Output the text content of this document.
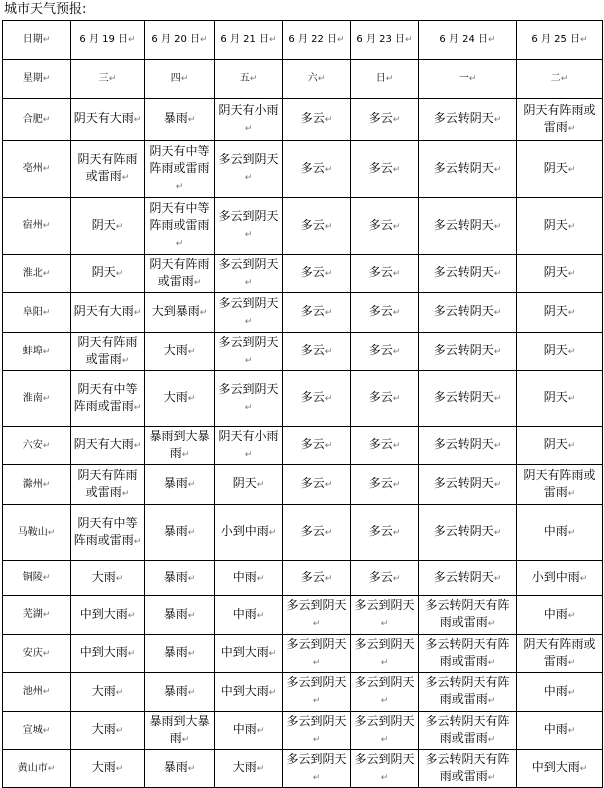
城市天气预报:
日期↵	6 月 19 日↵	6 月 20 日↵	6 月 21 日↵	6 月 22 日↵	6 月 23 日↵	6 月 24 日↵	6 月 25 日↵
星期↵	三↵	四↵	五↵	六↵	日↵	一↵	二↵
合肥↵	阴天有大雨↵	暴雨↵	阴天有小雨↵	多云↵	多云↵	多云转阴天↵	阴天有阵雨或雷雨↵
亳州↵	阴天有阵雨或雷雨↵	阴天有中等阵雨或雷雨↵	多云到阴天↵	多云↵	多云↵	多云转阴天↵	阴天↵
宿州↵	阴天↵	阴天有中等阵雨或雷雨↵	多云到阴天↵	多云↵	多云↵	多云转阴天↵	阴天↵
淮北↵	阴天↵	阴天有阵雨或雷雨↵	多云到阴天↵	多云↵	多云↵	多云转阴天↵	阴天↵
阜阳↵	阴天有大雨↵	大到暴雨↵	多云到阴天↵	多云↵	多云↵	多云转阴天↵	阴天↵
蚌埠↵	阴天有阵雨或雷雨↵	大雨↵	多云到阴天↵	多云↵	多云↵	多云转阴天↵	阴天↵
淮南↵	阴天有中等阵雨或雷雨↵	大雨↵	多云到阴天↵	多云↵	多云↵	多云转阴天↵	阴天↵
六安↵	阴天有大雨↵	暴雨到大暴雨↵	阴天有小雨↵	多云↵	多云↵	多云转阴天↵	阴天↵
滁州↵	阴天有阵雨或雷雨↵	暴雨↵	阴天↵	多云↵	多云↵	多云转阴天↵	阴天有阵雨或雷雨↵
马鞍山↵	阴天有中等阵雨或雷雨↵	暴雨↵	小到中雨↵	多云↵	多云↵	多云转阴天↵	中雨↵
铜陵↵	大雨↵	暴雨↵	中雨↵	多云↵	多云↵	多云转阴天↵	小到中雨↵
芜湖↵	中到大雨↵	暴雨↵	中雨↵	多云到阴天↵	多云到阴天↵	多云转阴天有阵雨或雷雨↵	中雨↵
安庆↵	中到大雨↵	暴雨↵	中到大雨↵	多云到阴天↵	多云到阴天↵	多云转阴天有阵雨或雷雨↵	阴天有阵雨或雷雨↵
池州↵	大雨↵	暴雨↵	中到大雨↵	多云到阴天↵	多云到阴天↵	多云转阴天有阵雨或雷雨↵	中雨↵
宣城↵	大雨↵	暴雨到大暴雨↵	中雨↵	多云到阴天↵	多云到阴天↵	多云转阴天有阵雨或雷雨↵	中雨↵
黄山市↵	大雨↵	暴雨↵	大雨↵	多云到阴天↵	多云到阴天↵	多云转阴天有阵雨或雷雨↵	中到大雨↵
